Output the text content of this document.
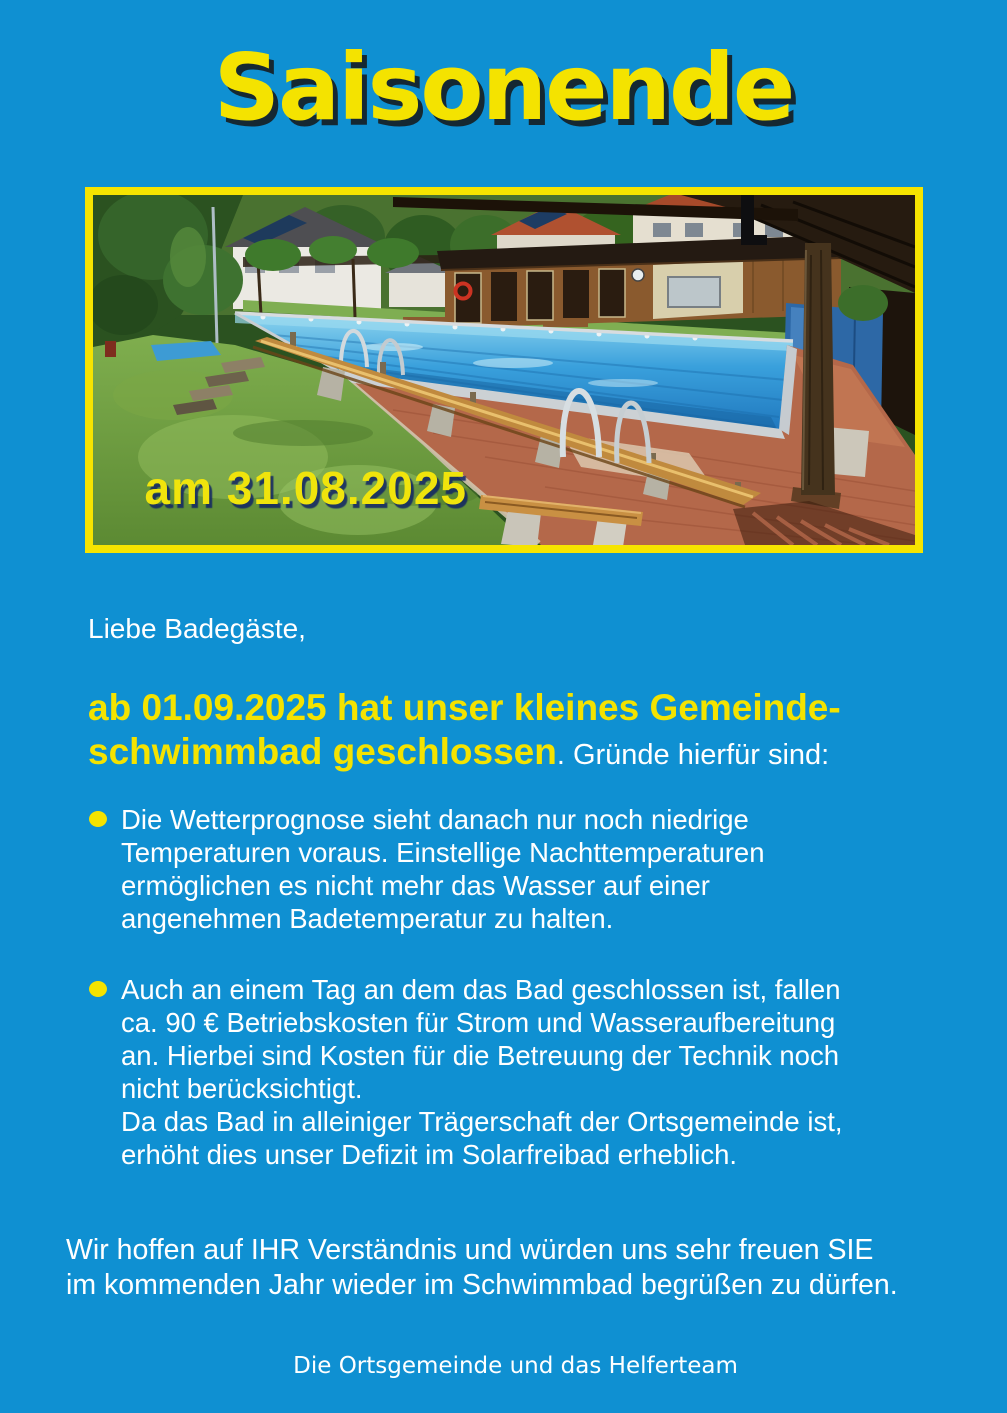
Saisonende
am 31.08.2025
Liebe Badegäste,
ab 01.09.2025 hat unser kleines Gemeinde-
schwimmbad geschlossen. Gründe hierfür sind:
Die Wetterprognose sieht danach nur noch niedrige
Temperaturen voraus. Einstellige Nachttemperaturen
ermöglichen es nicht mehr das Wasser auf einer
angenehmen Badetemperatur zu halten.
Auch an einem Tag an dem das Bad geschlossen ist, fallen
ca. 90 € Betriebskosten für Strom und Wasseraufbereitung
an. Hierbei sind Kosten für die Betreuung der Technik noch
nicht berücksichtigt.
Da das Bad in alleiniger Trägerschaft der Ortsgemeinde ist,
erhöht dies unser Defizit im Solarfreibad erheblich.
Wir hoffen auf IHR Verständnis und würden uns sehr freuen SIE
im kommenden Jahr wieder im Schwimmbad begrüßen zu dürfen.
Die Ortsgemeinde und das Helferteam
